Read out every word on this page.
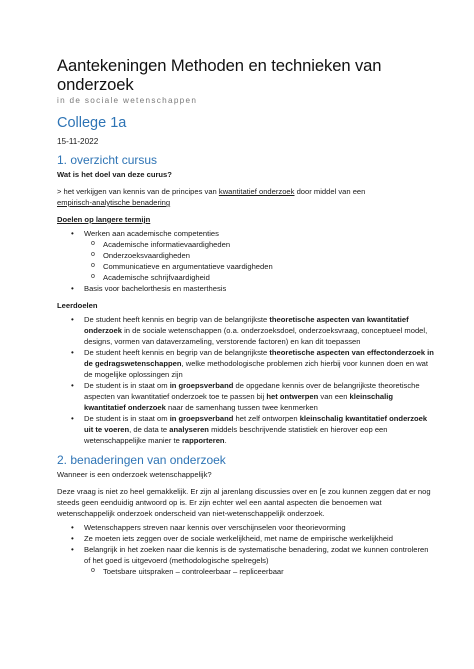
Aantekeningen Methoden en technieken van onderzoek
in de sociale wetenschappen
College 1a
15-11-2022
1. overzicht cursus

Wat is het doel van deze curus?

> het verkijgen van kennis van de principes van kwantitatief onderzoek door middel van een
empirisch-analytische benadering

Doelen op langere termijn

• Werken aan academische competenties
o Academische informatievaardigheden
o Onderzoeksvaardigheden
o Communicatieve en argumentatieve vaardigheden
o Academische schrijfvaardigheid
• Basis voor bachelorthesis en masterthesis

Leerdoelen

• De student heeft kennis en begrip van de belangrijkste theoretische aspecten van kwantitatief onderzoek in de sociale wetenschappen (o.a. onderzoeksdoel, onderzoeksvraag, conceptueel model, designs, vormen van dataverzameling, verstorende factoren) en kan dit toepassen
• De student heeft kennis en begrip van de belangrijkste theoretische aspecten van effectonderzoek in de gedragswetenschappen, welke methodologische problemen zich hierbij voor kunnen doen en wat de mogelijke oplossingen zijn
• De student is in staat om in groepsverband de opgedane kennis over de belangrijkste theoretische aspecten van kwantitatief onderzoek toe te passen bij het ontwerpen van een kleinschalig kwantitatief onderzoek naar de samenhang tussen twee kenmerken
• De student is in staat om in groepsverband het zelf ontworpen kleinschalig kwantitatief onderzoek uit te voeren, de data te analyseren middels beschrijvende statistiek en hierover eop een wetenschappelijke manier te rapporteren.
2. benaderingen van onderzoek

Wanneer is een onderzoek wetenschappelijk?

Deze vraag is niet zo heel gemakkelijk. Er zijn al jarenlang discussies over en [e zou kunnen zeggen dat er nog steeds geen eenduidig antwoord op is. Er zijn echter wel een aantal aspecten die benoemen wat wetenschappelijk onderzoek onderscheid van niet-wetenschappelijk onderzoek.

• Wetenschappers streven naar kennis over verschijnselen voor theorievorming
• Ze moeten iets zeggen over de sociale werkelijkheid, met name de empirische werkelijkheid
• Belangrijk in het zoeken naar die kennis is de systematische benadering, zodat we kunnen controleren of het goed is uitgevoerd (methodologische spelregels)
o Toetsbare uitspraken – controleerbaar – repliceerbaar
